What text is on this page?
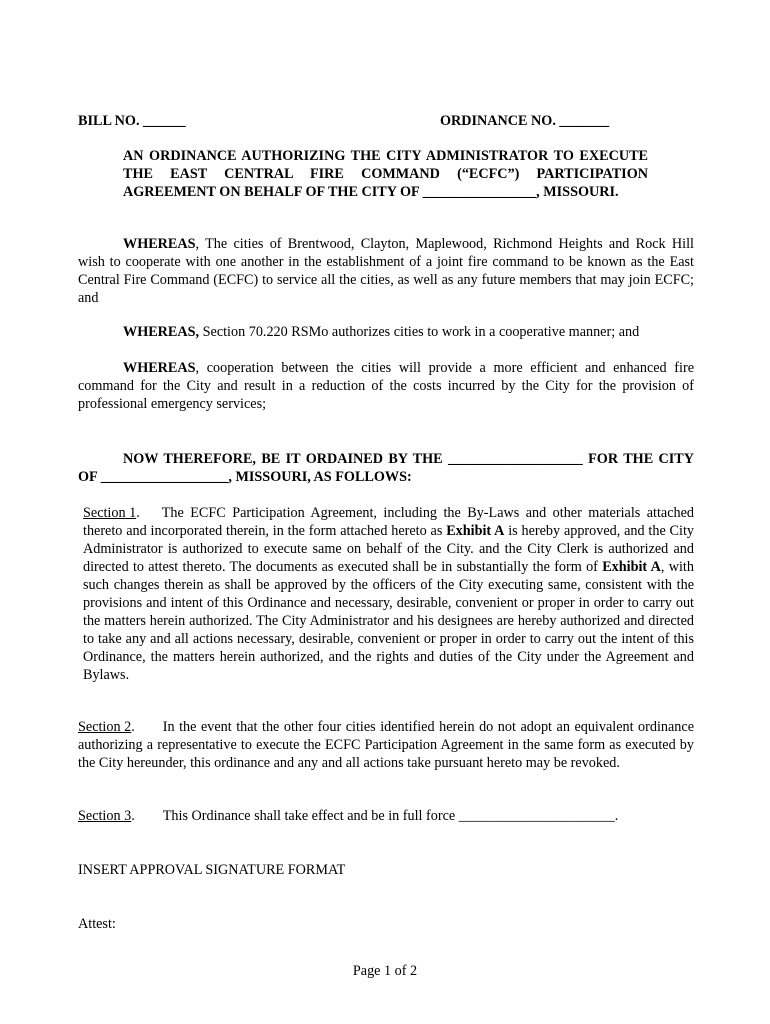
BILL NO. ______	ORDINANCE NO. _______
AN ORDINANCE AUTHORIZING THE CITY ADMINISTRATOR TO EXECUTE THE EAST CENTRAL FIRE COMMAND (“ECFC”) PARTICIPATION AGREEMENT ON BEHALF OF THE CITY OF ________________, MISSOURI.

WHEREAS, The cities of Brentwood, Clayton, Maplewood, Richmond Heights and Rock Hill wish to cooperate with one another in the establishment of a joint fire command to be known as the East Central Fire Command (ECFC) to service all the cities, as well as any future members that may join ECFC; and

WHEREAS, Section 70.220 RSMo authorizes cities to work in a cooperative manner; and

WHEREAS, cooperation between the cities will provide a more efficient and enhanced fire command for the City and result in a reduction of the costs incurred by the City for the provision of professional emergency services;

NOW THEREFORE, BE IT ORDAINED BY THE ___________________ FOR THE CITY OF __________________, MISSOURI, AS FOLLOWS:

Section 1. The ECFC Participation Agreement, including the By-Laws and other materials attached thereto and incorporated therein, in the form attached hereto as Exhibit A is hereby approved, and the City Administrator is authorized to execute same on behalf of the City. and the City Clerk is authorized and directed to attest thereto. The documents as executed shall be in substantially the form of Exhibit A, with such changes therein as shall be approved by the officers of the City executing same, consistent with the provisions and intent of this Ordinance and necessary, desirable, convenient or proper in order to carry out the matters herein authorized. The City Administrator and his designees are hereby authorized and directed to take any and all actions necessary, desirable, convenient or proper in order to carry out the intent of this Ordinance, the matters herein authorized, and the rights and duties of the City under the Agreement and Bylaws.

Section 2. In the event that the other four cities identified herein do not adopt an equivalent ordinance authorizing a representative to execute the ECFC Participation Agreement in the same form as executed by the City hereunder, this ordinance and any and all actions take pursuant hereto may be revoked.

Section 3. This Ordinance shall take effect and be in full force ______________________.

INSERT APPROVAL SIGNATURE FORMAT

Attest:

Page 1 of 2
